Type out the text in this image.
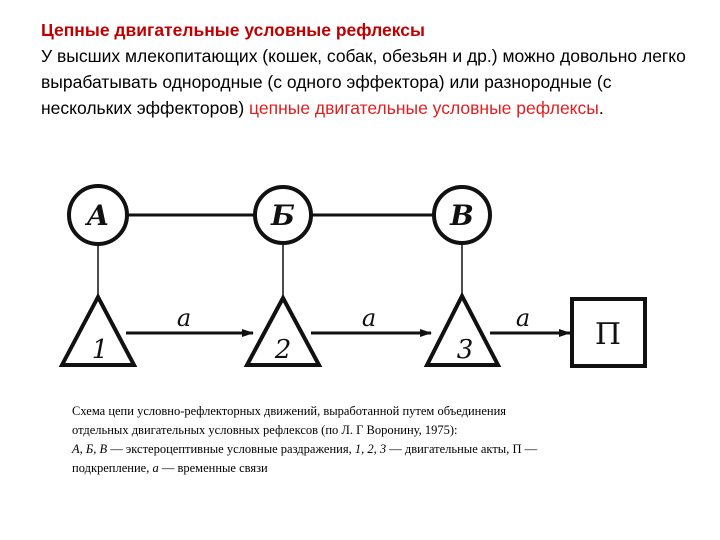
Цепные двигательные условные рефлексы
У высших млекопитающих (кошек, собак, обезьян и др.) можно довольно легко вырабатывать однородные (с одного эффектора) или разнородные (с нескольких эффекторов) цепные двигательные условные рефлексы.
А	Б	В
1	2	3
а	а	а П
Схема цепи условно-рефлекторных движений, выработанной путем объединения
отдельных двигательных условных рефлексов (по Л. Г Воронину, 1975):
А, Б, В — экстероцептивные условные раздражения, 1, 2, 3 — двигательные акты, П —
подкрепление, а — временные связи
